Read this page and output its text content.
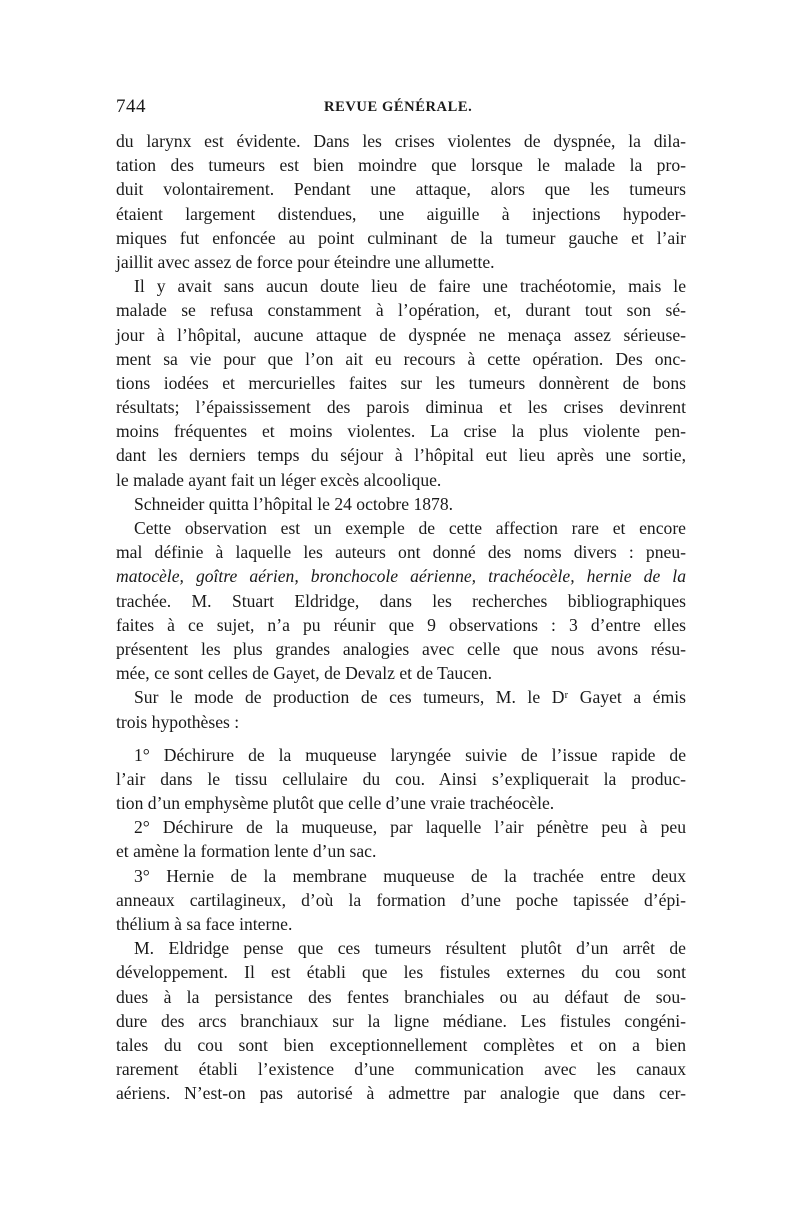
744	REVUE GÉNÉRALE.
du larynx est évidente. Dans les crises violentes de dyspnée, la dila-
tation des tumeurs est bien moindre que lorsque le malade la pro-
duit volontairement. Pendant une attaque, alors que les tumeurs
étaient largement distendues, une aiguille à injections hypoder-
miques fut enfoncée au point culminant de la tumeur gauche et l’air
jaillit avec assez de force pour éteindre une allumette.
Il y avait sans aucun doute lieu de faire une trachéotomie, mais le
malade se refusa constamment à l’opération, et, durant tout son sé-
jour à l’hôpital, aucune attaque de dyspnée ne menaça assez sérieuse-
ment sa vie pour que l’on ait eu recours à cette opération. Des onc-
tions iodées et mercurielles faites sur les tumeurs donnèrent de bons
résultats; l’épaississement des parois diminua et les crises devinrent
moins fréquentes et moins violentes. La crise la plus violente pen-
dant les derniers temps du séjour à l’hôpital eut lieu après une sortie,
le malade ayant fait un léger excès alcoolique.
Schneider quitta l’hôpital le 24 octobre 1878.
Cette observation est un exemple de cette affection rare et encore
mal définie à laquelle les auteurs ont donné des noms divers : pneu-
matocèle, goître aérien, bronchocole aérienne, trachéocèle, hernie de la
trachée. M. Stuart Eldridge, dans les recherches bibliographiques
faites à ce sujet, n’a pu réunir que 9 observations : 3 d’entre elles
présentent les plus grandes analogies avec celle que nous avons résu-
mée, ce sont celles de Gayet, de Devalz et de Taucen.
Sur le mode de production de ces tumeurs, M. le Dʳ Gayet a émis
trois hypothèses :
1° Déchirure de la muqueuse laryngée suivie de l’issue rapide de
l’air dans le tissu cellulaire du cou. Ainsi s’expliquerait la produc-
tion d’un emphysème plutôt que celle d’une vraie trachéocèle.
2° Déchirure de la muqueuse, par laquelle l’air pénètre peu à peu
et amène la formation lente d’un sac.
3° Hernie de la membrane muqueuse de la trachée entre deux
anneaux cartilagineux, d’où la formation d’une poche tapissée d’épi-
thélium à sa face interne.
M. Eldridge pense que ces tumeurs résultent plutôt d’un arrêt de
développement. Il est établi que les fistules externes du cou sont
dues à la persistance des fentes branchiales ou au défaut de sou-
dure des arcs branchiaux sur la ligne médiane. Les fistules congéni-
tales du cou sont bien exceptionnellement complètes et on a bien
rarement établi l’existence d’une communication avec les canaux
aériens. N’est-on pas autorisé à admettre par analogie que dans cer-
